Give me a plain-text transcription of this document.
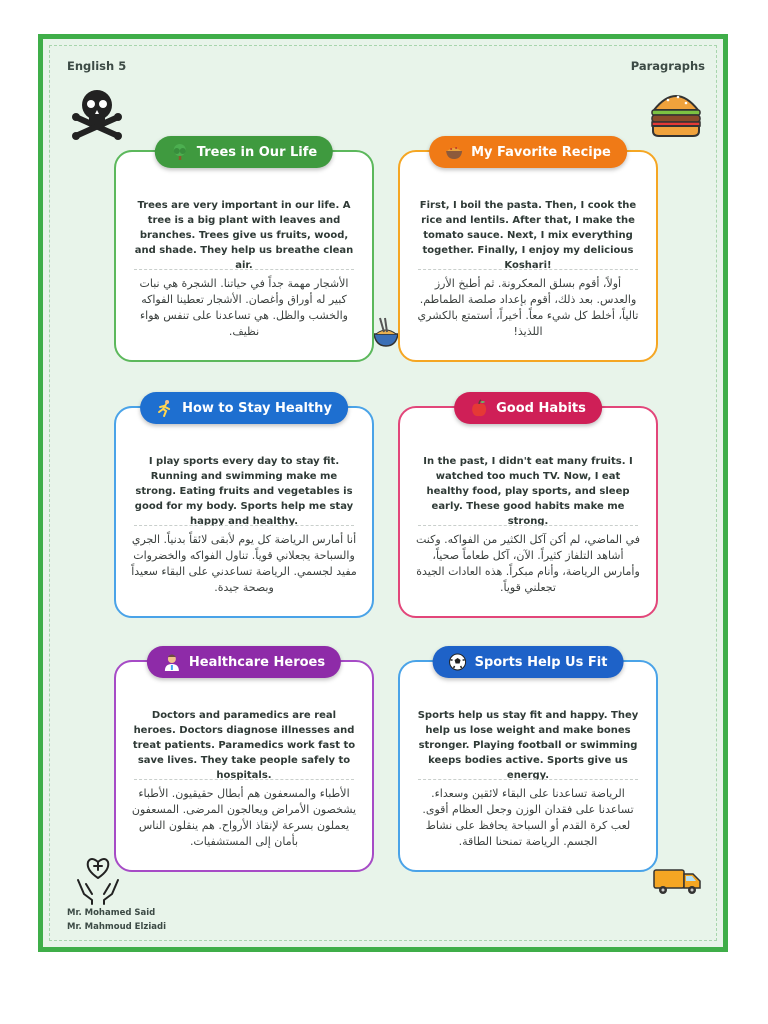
English 5	Paragraphs
Trees in Our Life
Trees are very important in our life. A tree is a big plant with leaves and branches. Trees give us fruits, wood, and shade. They help us breathe clean air.
الأشجار مهمة جداً في حياتنا. الشجرة هي نبات كبير له أوراق وأغصان. الأشجار تعطينا الفواكه والخشب والظل. هي تساعدنا على تنفس هواء نظيف.
My Favorite Recipe
First, I boil the pasta. Then, I cook the rice and lentils. After that, I make the tomato sauce. Next, I mix everything together. Finally, I enjoy my delicious Koshari!
أولاً، أقوم بسلق المعكرونة. ثم أطبخ الأرز والعدس. بعد ذلك، أقوم بإعداد صلصة الطماطم. تالياً، أخلط كل شيء معاً. أخيراً، أستمتع بالكشري اللذيذ!
How to Stay Healthy
I play sports every day to stay fit. Running and swimming make me strong. Eating fruits and vegetables is good for my body. Sports help me stay happy and healthy.
أنا أمارس الرياضة كل يوم لأبقى لائقاً بدنياً. الجري والسباحة يجعلاني قوياً. تناول الفواكه والخضروات مفيد لجسمي. الرياضة تساعدني على البقاء سعيداً وبصحة جيدة.
Good Habits
In the past, I didn't eat many fruits. I watched too much TV. Now, I eat healthy food, play sports, and sleep early. These good habits make me strong.
في الماضي، لم أكن آكل الكثير من الفواكه. وكنت أشاهد التلفاز كثيراً. الآن، آكل طعاماً صحياً، وأمارس الرياضة، وأنام مبكراً. هذه العادات الجيدة تجعلني قوياً.
Healthcare Heroes
Doctors and paramedics are real heroes. Doctors diagnose illnesses and treat patients. Paramedics work fast to save lives. They take people safely to hospitals.
الأطباء والمسعفون هم أبطال حقيقيون. الأطباء يشخصون الأمراض ويعالجون المرضى. المسعفون يعملون بسرعة لإنقاذ الأرواح. هم ينقلون الناس بأمان إلى المستشفيات.
Sports Help Us Fit
Sports help us stay fit and happy. They help us lose weight and make bones stronger. Playing football or swimming keeps bodies active. Sports give us energy.
الرياضة تساعدنا على البقاء لائقين وسعداء. تساعدنا على فقدان الوزن وجعل العظام أقوى. لعب كرة القدم أو السباحة يحافظ على نشاط الجسم. الرياضة تمنحنا الطاقة.
Mr. Mohamed Said
Mr. Mahmoud Elziadi
